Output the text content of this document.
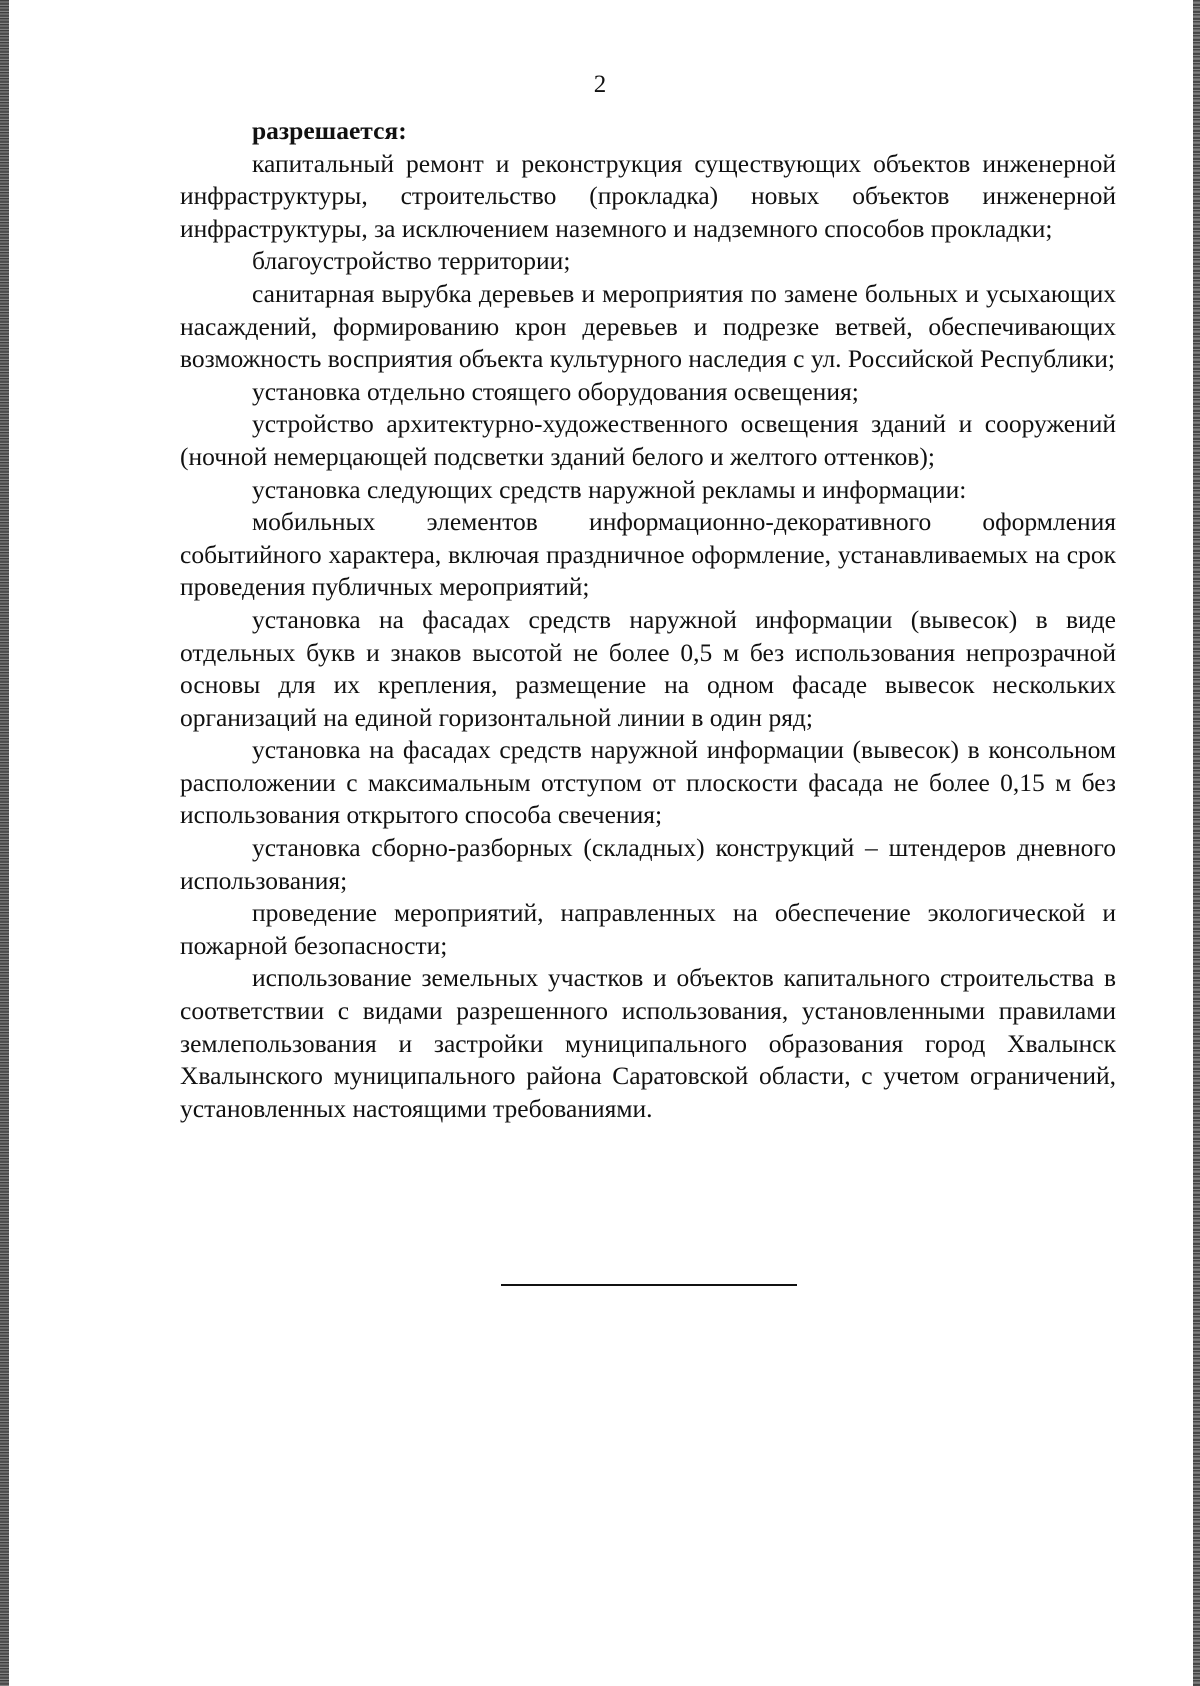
2

разрешается:

капитальный ремонт и реконструкция существующих объектов инженерной инфраструктуры, строительство (прокладка) новых объектов инженерной инфраструктуры, за исключением наземного и надземного способов прокладки;

благоустройство территории;

санитарная вырубка деревьев и мероприятия по замене больных и усыхающих насаждений, формированию крон деревьев и подрезке ветвей, обеспечивающих возможность восприятия объекта культурного наследия с ул. Российской Республики;

установка отдельно стоящего оборудования освещения;

устройство архитектурно-художественного освещения зданий и сооружений (ночной немерцающей подсветки зданий белого и желтого оттенков);

установка следующих средств наружной рекламы и информации:

мобильных элементов информационно-декоративного оформления событийного характера, включая праздничное оформление, устанавливаемых на срок проведения публичных мероприятий;

установка на фасадах средств наружной информации (вывесок) в виде отдельных букв и знаков высотой не более 0,5 м без использования непрозрачной основы для их крепления, размещение на одном фасаде вывесок нескольких организаций на единой горизонтальной линии в один ряд;

установка на фасадах средств наружной информации (вывесок) в консольном расположении с максимальным отступом от плоскости фасада не более 0,15 м без использования открытого способа свечения;

установка сборно-разборных (складных) конструкций – штендеров дневного использования;

проведение мероприятий, направленных на обеспечение экологической и пожарной безопасности;

использование земельных участков и объектов капитального строительства в соответствии с видами разрешенного использования, установленными правилами землепользования и застройки муниципального образования город Хвалынск Хвалынского муниципального района Саратовской области, с учетом ограничений, установленных настоящими требованиями.
